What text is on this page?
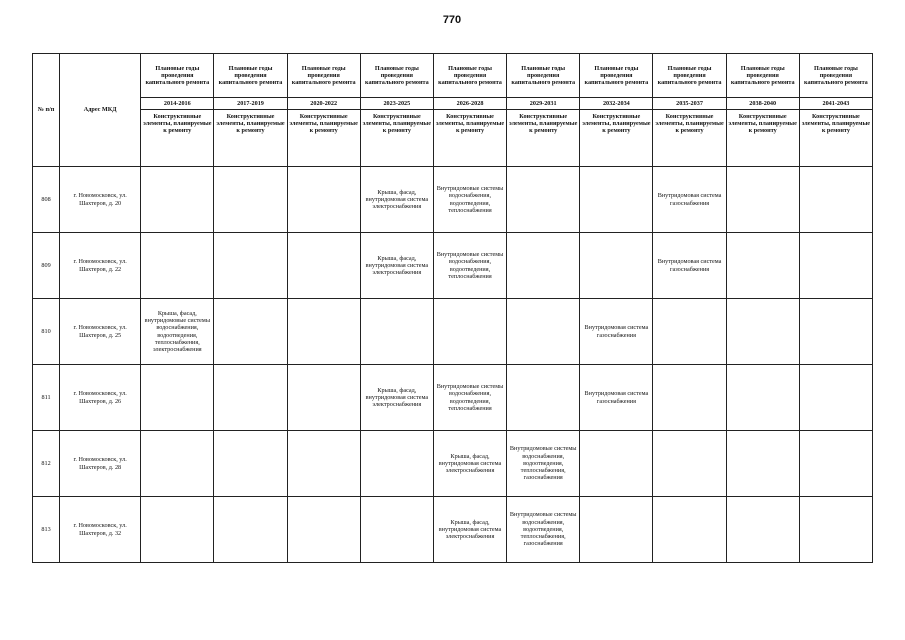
770
№ п/п	Адрес МКД	Плановые годы проведения капитального ремонта	Плановые годы проведения капитального ремонта	Плановые годы проведения капитального ремонта	Плановые годы проведения капитального ремонта	Плановые годы проведения капитального ремонта	Плановые годы проведения капитального ремонта	Плановые годы проведения капитального ремонта	Плановые годы проведения капитального ремонта	Плановые годы проведения капитального ремонта	Плановые годы проведения капитального ремонта
		2014-2016	2017-2019	2020-2022	2023-2025	2026-2028	2029-2031	2032-2034	2035-2037	2038-2040	2041-2043
		Конструктивные элементы, планируемые к ремонту	Конструктивные элементы, планируемые к ремонту	Конструктивные элементы, планируемые к ремонту	Конструктивные элементы, планируемые к ремонту	Конструктивные элементы, планируемые к ремонту	Конструктивные элементы, планируемые к ремонту	Конструктивные элементы, планируемые к ремонту	Конструктивные элементы, планируемые к ремонту	Конструктивные элементы, планируемые к ремонту	Конструктивные элементы, планируемые к ремонту
808	г. Новомосковск, ул. Шахтеров, д. 20				Крыша, фасад, внутридомовая система электроснабжения	Внутридомовые системы водоснабжения, водоотведения, теплоснабжения			Внутридомовая система газоснабжения		
809	г. Новомосковск, ул. Шахтеров, д. 22				Крыша, фасад, внутридомовая система электроснабжения	Внутридомовые системы водоснабжения, водоотведения, теплоснабжения			Внутридомовая система газоснабжения		
810	г. Новомосковск, ул. Шахтеров, д. 25	Крыша, фасад, внутридомовые системы водоснабжения, водоотведения, теплоснабжения, электроснабжения						Внутридомовая система газоснабжения			
811	г. Новомосковск, ул. Шахтеров, д. 26				Крыша, фасад, внутридомовая система электроснабжения	Внутридомовые системы водоснабжения, водоотведения, теплоснабжения		Внутридомовая система газоснабжения			
812	г. Новомосковск, ул. Шахтеров, д. 28					Крыша, фасад, внутридомовая система электроснабжения	Внутридомовые системы водоснабжения, водоотведения, теплоснабжения, газоснабжения				
813	г. Новомосковск, ул. Шахтеров, д. 32					Крыша, фасад, внутридомовая система электроснабжения	Внутридомовые системы водоснабжения, водоотведения, теплоснабжения, газоснабжения				
